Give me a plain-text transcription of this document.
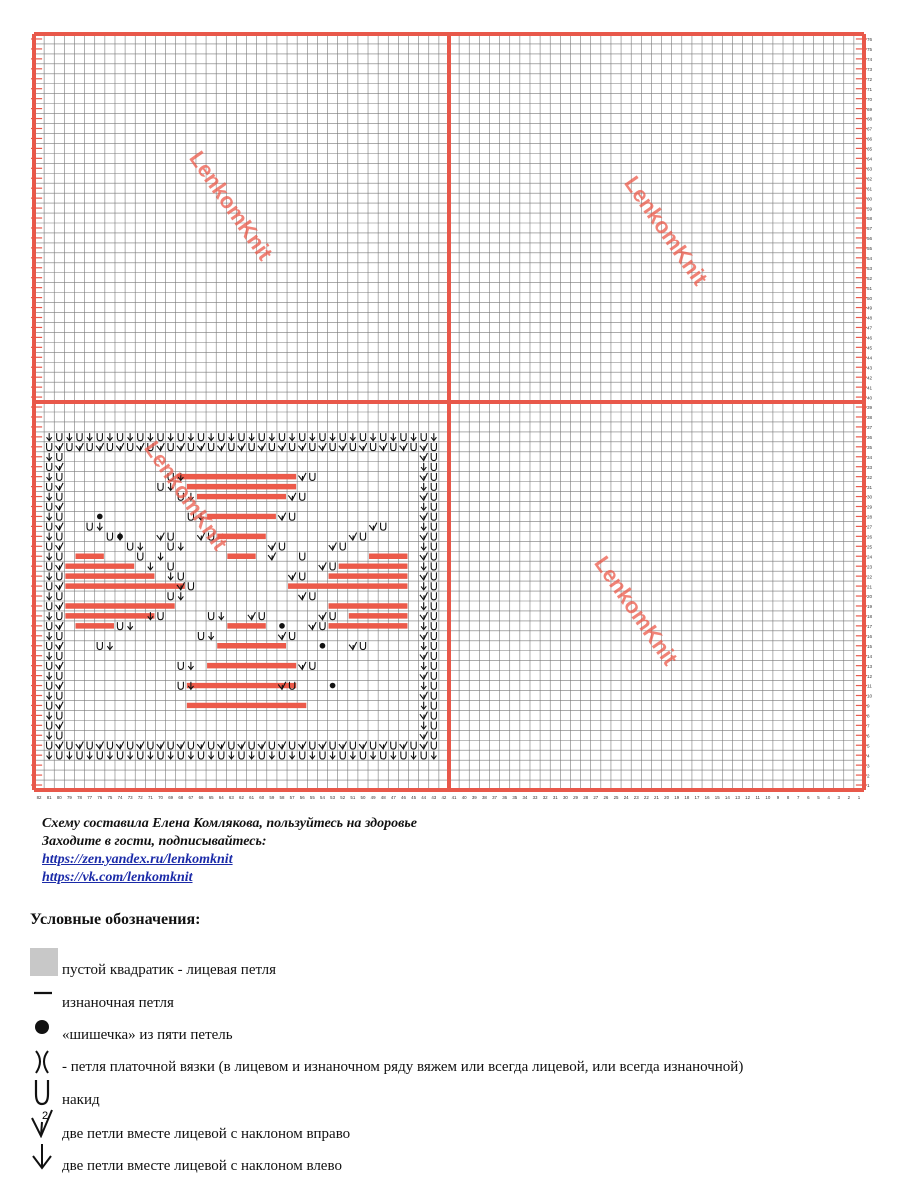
76
75
74
73
72
71
70
69
68
67
66
65
64
63
62
61
60
59
58
57
56
55
54
53
52
51
50
49
48
47
46
45
44
43
42
41
40
39
38
37
36
35
34
33
32
31
30
29
28
27
26
25
24
23
22
21
20
19
18
17
16
15
14
13
12
11
10
9
8
7
6
5
4
3
2
1
82 81 80 79 78 77 76 75 74 73 72 71 70 69 68 67 66 65 64 63 62 61 60 59 58 57 56 55 54 53 52 51 50 49 48 47 46 45 44 43 42 41 40 39 38 37 36 35 34 33 32 31 30 29 28 27 26 25 24 23 22 21 20 19 18 17 16 15 14 13 12 11 10 9 8 7 6 5 4 3 2 1
LenkomKnit	LenkomKnit
LenkomKnit
LenkomKnit
Схему составила Елена Комлякова, пользуйтесь на здоровье
Заходите в гости, подписывайтесь:
https://zen.yandex.ru/lenkomknit
https://vk.com/lenkomknit
Условные обозначения:
пустой квадратик - лицевая петля
изнаночная петля
«шишечка» из пяти петель
- петля платочной вязки (в лицевом и изнаночном ряду вяжем или всегда лицевой, или всегда изнаночной)
накид
2
две петли вместе лицевой с наклоном вправо
две петли вместе лицевой с наклоном влево
